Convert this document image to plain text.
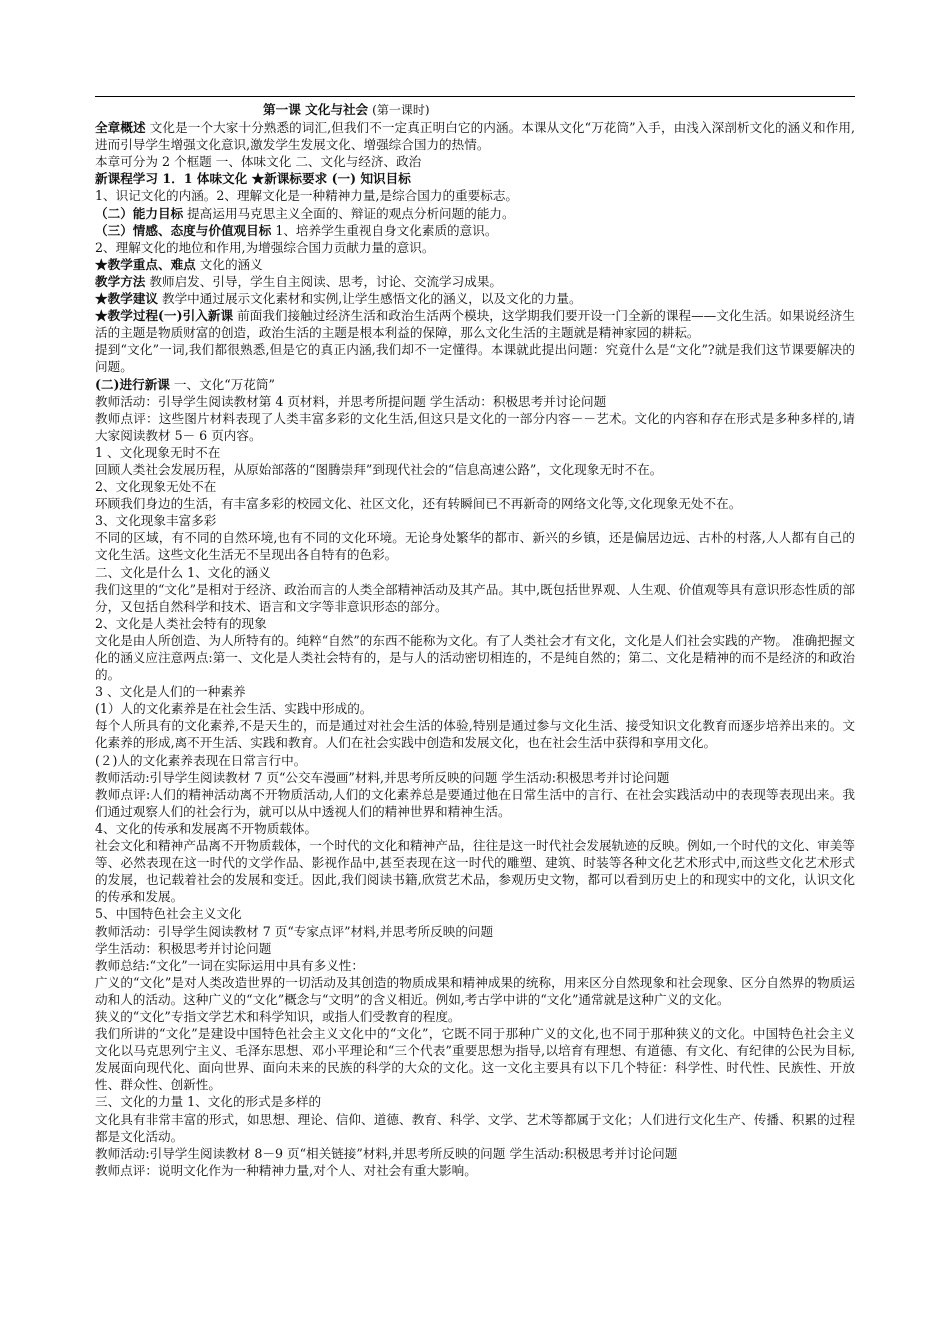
第一课 文化与社会 (第一课时)

全章概述 文化是一个大家十分熟悉的词汇,但我们不一定真正明白它的内涵。本课从文化“万花筒”入手，由浅入深剖析文化的涵义和作用,进而引导学生增强文化意识,激发学生发展文化、增强综合国力的热情。

本章可分为 2 个框题 一、体味文化 二、文化与经济、政治

新课程学习 1．1 体味文化 ★新课标要求 (一) 知识目标

1、识记文化的内涵。2、理解文化是一种精神力量,是综合国力的重要标志。

（二）能力目标 提高运用马克思主义全面的、辩证的观点分析问题的能力。

（三）情感、态度与价值观目标 1、培养学生重视自身文化素质的意识。

2、理解文化的地位和作用,为增强综合国力贡献力量的意识。

★教学重点、难点 文化的涵义

教学方法 教师启发、引导，学生自主阅读、思考，讨论、交流学习成果。

★教学建议 教学中通过展示文化素材和实例,让学生感悟文化的涵义，以及文化的力量。

★教学过程(一)引入新课 前面我们接触过经济生活和政治生活两个模块，这学期我们要开设一门全新的课程——文化生活。如果说经济生活的主题是物质财富的创造，政治生活的主题是根本利益的保障，那么文化生活的主题就是精神家园的耕耘。

提到“文化”一词,我们都很熟悉,但是它的真正内涵,我们却不一定懂得。本课就此提出问题：究竟什么是“文化”?就是我们这节课要解决的问题。

(二)进行新课 一、文化“万花筒”

教师活动：引导学生阅读教材第 4 页材料，并思考所提问题 学生活动：积极思考并讨论问题

教师点评：这些图片材料表现了人类丰富多彩的文化生活,但这只是文化的一部分内容－－艺术。文化的内容和存在形式是多种多样的,请大家阅读教材 5－ 6 页内容。

1 、文化现象无时不在

回顾人类社会发展历程，从原始部落的“图腾崇拜”到现代社会的“信息高速公路”，文化现象无时不在。

2、文化现象无处不在

环顾我们身边的生活，有丰富多彩的校园文化、社区文化，还有转瞬间已不再新奇的网络文化等,文化现象无处不在。

3、文化现象丰富多彩

不同的区域，有不同的自然环境,也有不同的文化环境。无论身处繁华的都市、新兴的乡镇，还是偏居边远、古朴的村落,人人都有自己的文化生活。这些文化生活无不呈现出各自特有的色彩。

二、文化是什么 1、文化的涵义

我们这里的“文化”是相对于经济、政治而言的人类全部精神活动及其产品。其中,既包括世界观、人生观、价值观等具有意识形态性质的部分，又包括自然科学和技术、语言和文字等非意识形态的部分。

2、文化是人类社会特有的现象

文化是由人所创造、为人所特有的。纯粹“自然”的东西不能称为文化。有了人类社会才有文化，文化是人们社会实践的产物。 准确把握文化的涵义应注意两点:第一、文化是人类社会特有的，是与人的活动密切相连的，不是纯自然的；第二、文化是精神的而不是经济的和政治的。

3 、文化是人们的一种素养

(1）人的文化素养是在社会生活、实践中形成的。

每个人所具有的文化素养,不是天生的，而是通过对社会生活的体验,特别是通过参与文化生活、接受知识文化教育而逐步培养出来的。文化素养的形成,离不开生活、实践和教育。人们在社会实践中创造和发展文化，也在社会生活中获得和享用文化。

(２)人的文化素养表现在日常言行中。

教师活动:引导学生阅读教材 7 页“公交车漫画”材料,并思考所反映的问题 学生活动:积极思考并讨论问题

教师点评:人们的精神活动离不开物质活动,人们的文化素养总是要通过他在日常生活中的言行、在社会实践活动中的表现等表现出来。我们通过观察人们的社会行为，就可以从中透视人们的精神世界和精神生活。

4、文化的传承和发展离不开物质载体。

社会文化和精神产品离不开物质载体，一个时代的文化和精神产品，往往是这一时代社会发展轨迹的反映。例如,一个时代的文化、审美等等、必然表现在这一时代的文学作品、影视作品中,甚至表现在这一时代的雕塑、建筑、时装等各种文化艺术形式中,而这些文化艺术形式的发展，也记载着社会的发展和变迁。因此,我们阅读书籍,欣赏艺术品，参观历史文物，都可以看到历史上的和现实中的文化，认识文化的传承和发展。

5、中国特色社会主义文化

教师活动：引导学生阅读教材 7 页“专家点评”材料,并思考所反映的问题

学生活动：积极思考并讨论问题

教师总结:“文化”一词在实际运用中具有多义性：

广义的“文化”是对人类改造世界的一切活动及其创造的物质成果和精神成果的统称，用来区分自然现象和社会现象、区分自然界的物质运动和人的活动。这种广义的“文化”概念与“文明”的含义相近。例如,考古学中讲的“文化”通常就是这种广义的文化。

狭义的“文化”专指文学艺术和科学知识，或指人们受教育的程度。

我们所讲的“文化”是建设中国特色社会主义文化中的“文化”，它既不同于那种广义的文化,也不同于那种狭义的文化。中国特色社会主义文化以马克思列宁主义、毛泽东思想、邓小平理论和“三个代表”重要思想为指导,以培育有理想、有道德、有文化、有纪律的公民为目标,发展面向现代化、面向世界、面向未来的民族的科学的大众的文化。这一文化主要具有以下几个特征：科学性、时代性、民族性、开放性、群众性、创新性。

三、文化的力量 1、文化的形式是多样的

文化具有非常丰富的形式，如思想、理论、信仰、道德、教育、科学、文学、艺术等都属于文化；人们进行文化生产、传播、积累的过程都是文化活动。

教师活动:引导学生阅读教材 8－9 页“相关链接”材料,并思考所反映的问题 学生活动:积极思考并讨论问题

教师点评：说明文化作为一种精神力量,对个人、对社会有重大影响。
